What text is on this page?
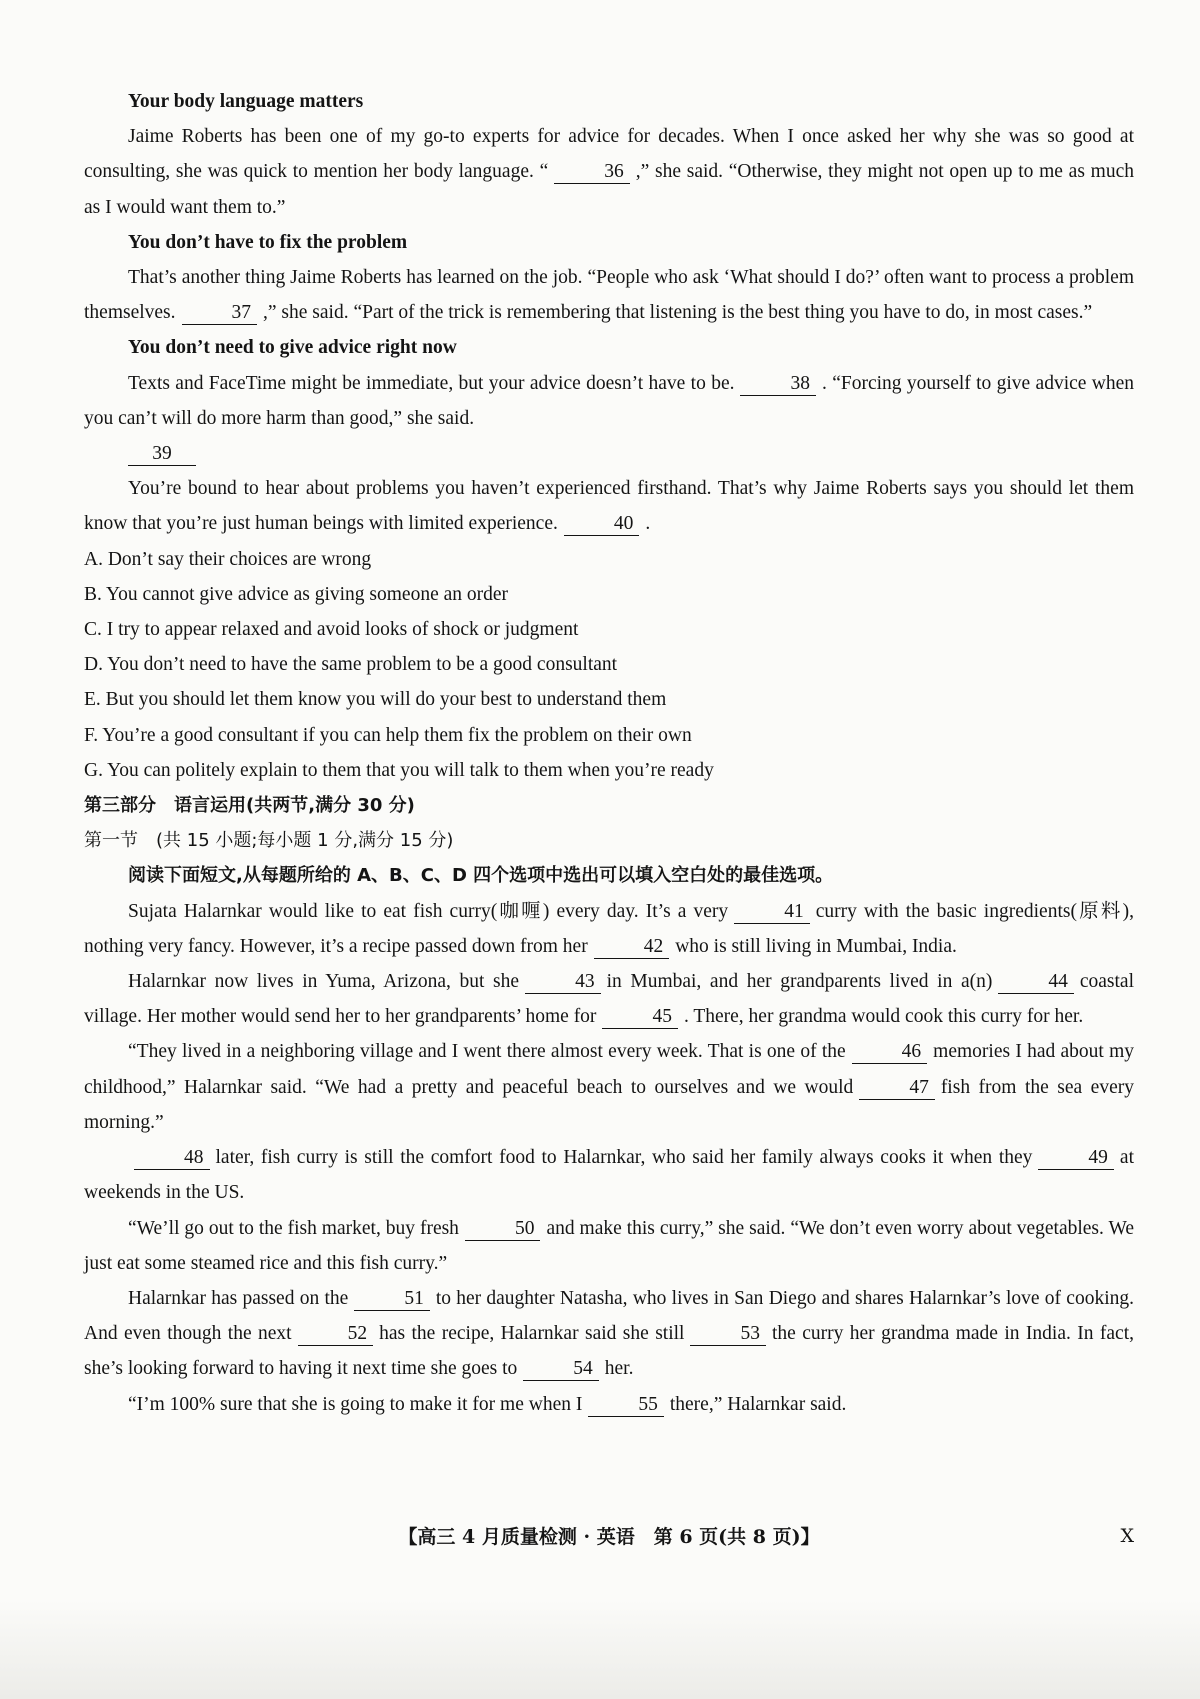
Your body language matters

Jaime Roberts has been one of my go-to experts for advice for decades. When I once asked her why she was so good at consulting, she was quick to mention her body language. “	36 ,” she said. “Otherwise, they might not open up to me as much as I would want them to.”

You don’t have to fix the problem

That’s another thing Jaime Roberts has learned on the job. “People who ask ‘What should I do?’ often want to process a problem themselves.	37 ,” she said. “Part of the trick is remembering that listening is the best thing you have to do, in most cases.”

You don’t need to give advice right now

Texts and FaceTime might be immediate, but your advice doesn’t have to be.	38 . “Forcing yourself to give advice when you can’t will do more harm than good,” she said.

39

You’re bound to hear about problems you haven’t experienced firsthand. That’s why Jaime Roberts says you should let them know that you’re just human beings with limited experience.	40 .

A. Don’t say their choices are wrong

B. You cannot give advice as giving someone an order

C. I try to appear relaxed and avoid looks of shock or judgment

D. You don’t need to have the same problem to be a good consultant

E. But you should let them know you will do your best to understand them

F. You’re a good consultant if you can help them fix the problem on their own

G. You can politely explain to them that you will talk to them when you’re ready

第三部分　语言运用(共两节,满分 30 分)

第一节　(共 15 小题;每小题 1 分,满分 15 分)

阅读下面短文,从每题所给的 A、B、C、D 四个选项中选出可以填入空白处的最佳选项。

Sujata Halarnkar would like to eat fish curry(咖喱) every day. It’s a very	41 curry with the basic ingredients(原料), nothing very fancy. However, it’s a recipe passed down from her	42 who is still living in Mumbai, India.

Halarnkar now lives in Yuma, Arizona, but she	43 in Mumbai, and her grandparents lived in a(n)	44 coastal village. Her mother would send her to her grandparents’ home for	45 . There, her grandma would cook this curry for her.

“They lived in a neighboring village and I went there almost every week. That is one of the	46 memories I had about my childhood,” Halarnkar said. “We had a pretty and peaceful beach to ourselves and we would	47 fish from the sea every morning.”

48 later, fish curry is still the comfort food to Halarnkar, who said her family always cooks it when they	49 at weekends in the US.

“We’ll go out to the fish market, buy fresh	50 and make this curry,” she said. “We don’t even worry about vegetables. We just eat some steamed rice and this fish curry.”

Halarnkar has passed on the	51 to her daughter Natasha, who lives in San Diego and shares Halarnkar’s love of cooking. And even though the next	52 has the recipe, Halarnkar said she still	53 the curry her grandma made in India. In fact, she’s looking forward to having it next time she goes to	54 her.

“I’m 100% sure that she is going to make it for me when I	55 there,” Halarnkar said.

【高三 4 月质量检测 · 英语　第 6 页(共 8 页)】	X
